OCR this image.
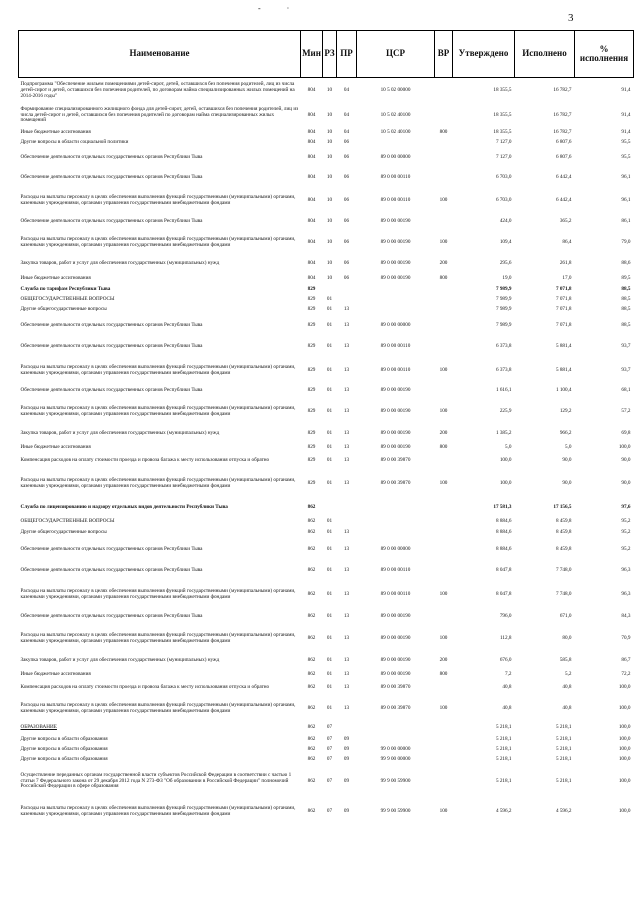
- ·
3
Наименование	Мин	РЗ	ПР	ЦСР	ВР	Утверждено	Исполнено	% исполнения
Подпрограмма "Обеспечение жильем помещениями детей-сирот, детей, оставшихся без попечения родителей, лиц из числа детей-сирот и детей, оставшихся без попечения родителей, по договорам найма специализированных жилых помещений на 2014-2016 годы"	804	10	04	10 5 02 00000		18 355,5	16 782,7	91,4
Формирование специализированного жилищного фонда для детей-сирот, детей, оставшихся без попечения родителей, лиц из числа детей-сирот и детей, оставшихся без попечения родителей по договорам найма специализированных жилых помещений	804	10	04	10 5 02 40100		18 355,5	16 782,7	91,4
Иные бюджетные ассигнования	804	10	04	10 5 02 40100	800	18 355,5	16 782,7	91,4
Другие вопросы в области социальной политики	804	10	06			7 127,0	6 807,6	95,5
Обеспечение деятельности отдельных государственных органов Республики Тыва	804	10	06	89 0 00 00000		7 127,0	6 807,6	95,5
Обеспечение деятельности отдельных государственных органов Республики Тыва	804	10	06	89 0 00 00110		6 703,0	6 442,4	96,1
Расходы на выплаты персоналу в целях обеспечения выполнения функций государственными (муниципальными) органами, казенными учреждениями, органами управления государственными внебюджетными фондами	804	10	06	89 0 00 00110	100	6 703,0	6 442,4	96,1
Обеспечение деятельности отдельных государственных органов Республики Тыва	804	10	06	89 0 00 00190		424,0	365,2	86,1
Расходы на выплаты персоналу в целях обеспечения выполнения функций государственными (муниципальными) органами, казенными учреждениями, органами управления государственными внебюджетными фондами	804	10	06	89 0 00 00190	100	109,4	86,4	79,0
Закупка товаров, работ и услуг для обеспечения государственных (муниципальных) нужд	804	10	06	89 0 00 00190	200	295,6	261,8	88,6
Иные бюджетные ассигнования	804	10	06	89 0 00 00190	800	19,0	17,0	89,5
Служба по тарифам Республики Тыва	829					7 989,9	7 071,8	88,5
ОБЩЕГОСУДАРСТВЕННЫЕ ВОПРОСЫ	829	01				7 989,9	7 071,8	88,5
Другие общегосударственные вопросы	829	01	13			7 989,9	7 071,8	88,5
Обеспечение деятельности отдельных государственных органов Республики Тыва	829	01	13	89 0 00 00000		7 989,9	7 071,8	88,5
Обеспечение деятельности отдельных государственных органов Республики Тыва	829	01	13	89 0 00 00110		6 373,8	5 881,4	93,7
Расходы на выплаты персоналу в целях обеспечения выполнения функций государственными (муниципальными) органами, казенными учреждениями, органами управления государственными внебюджетными фондами	829	01	13	89 0 00 00110	100	6 373,8	5 881,4	93,7
Обеспечение деятельности отдельных государственных органов Республики Тыва	829	01	13	89 0 00 00190		1 616,1	1 100,4	68,1
Расходы на выплаты персоналу в целях обеспечения выполнения функций государственными (муниципальными) органами, казенными учреждениями, органами управления государственными внебюджетными фондами	829	01	13	89 0 00 00190	100	225,9	129,2	57,2
Закупка товаров, работ и услуг для обеспечения государственных (муниципальных) нужд	829	01	13	89 0 00 00190	200	1 385,2	966,2	69,8
Иные бюджетные ассигнования	829	01	13	89 0 00 00190	800	5,0	5,0	100,0
Компенсация расходов на оплату стоимости проезда и провоза багажа к месту использования отпуска и обратно	829	01	13	89 0 00 39870		100,0	90,0	90,0
Расходы на выплаты персоналу в целях обеспечения выполнения функций государственными (муниципальными) органами, казенными учреждениями, органами управления государственными внебюджетными фондами	829	01	13	89 0 00 39870	100	100,0	90,0	90,0
Служба по лицензированию и надзору отдельных видов деятельности Республики Тыва	862					17 581,3	17 156,5	97,6
ОБЩЕГОСУДАРСТВЕННЫЕ ВОПРОСЫ	862	01				8 884,6	8 459,8	95,2
Другие общегосударственные вопросы	862	01	13			8 884,6	8 459,8	95,2
Обеспечение деятельности отдельных государственных органов Республики Тыва	862	01	13	89 0 00 00000		8 884,6	8 459,8	95,2
Обеспечение деятельности отдельных государственных органов Республики Тыва	862	01	13	89 0 00 00110		8 047,8	7 748,0	96,3
Расходы на выплаты персоналу в целях обеспечения выполнения функций государственными (муниципальными) органами, казенными учреждениями, органами управления государственными внебюджетными фондами	862	01	13	89 0 00 00110	100	8 047,8	7 748,0	96,3
Обеспечение деятельности отдельных государственных органов Республики Тыва	862	01	13	89 0 00 00190		796,0	671,0	84,3
Расходы на выплаты персоналу в целях обеспечения выполнения функций государственными (муниципальными) органами, казенными учреждениями, органами управления государственными внебюджетными фондами	862	01	13	89 0 00 00190	100	112,8	80,0	70,9
Закупка товаров, работ и услуг для обеспечения государственных (муниципальных) нужд	862	01	13	89 0 00 00190	200	676,0	585,8	86,7
Иные бюджетные ассигнования	862	01	13	89 0 00 00190	800	7,2	5,2	72,2
Компенсация расходов на оплату стоимости проезда и провоза багажа к месту использования отпуска и обратно	862	01	13	89 0 00 39870		40,8	40,8	100,0
Расходы на выплаты персоналу в целях обеспечения выполнения функций государственными (муниципальными) органами, казенными учреждениями, органами управления государственными внебюджетными фондами	862	01	13	89 0 00 39870	100	40,8	40,8	100,0
ОБРАЗОВАНИЕ	862	07				5 218,1	5 218,1	100,0
Другие вопросы в области образования	862	07	09			5 218,1	5 218,1	100,0
Другие вопросы в области образования	862	07	09	99 0 00 00000		5 218,1	5 218,1	100,0
Другие вопросы в области образования	862	07	09	99 9 00 00000		5 218,1	5 218,1	100,0
Осуществление переданных органам государственной власти субъектов Российской Федерации в соответствии с частью 1 статьи 7 Федерального закона от 29 декабря 2012 года N 273-ФЗ "Об образовании в Российской Федерации" полномочий Российской Федерации в сфере образования	862	07	09	99 9 00 59900		5 218,1	5 218,1	100,0
Расходы на выплаты персоналу в целях обеспечения выполнения функций государственными (муниципальными) органами, казенными учреждениями, органами управления государственными внебюджетными фондами	862	07	09	99 9 00 59900	100	4 596,2	4 596,2	100,0
